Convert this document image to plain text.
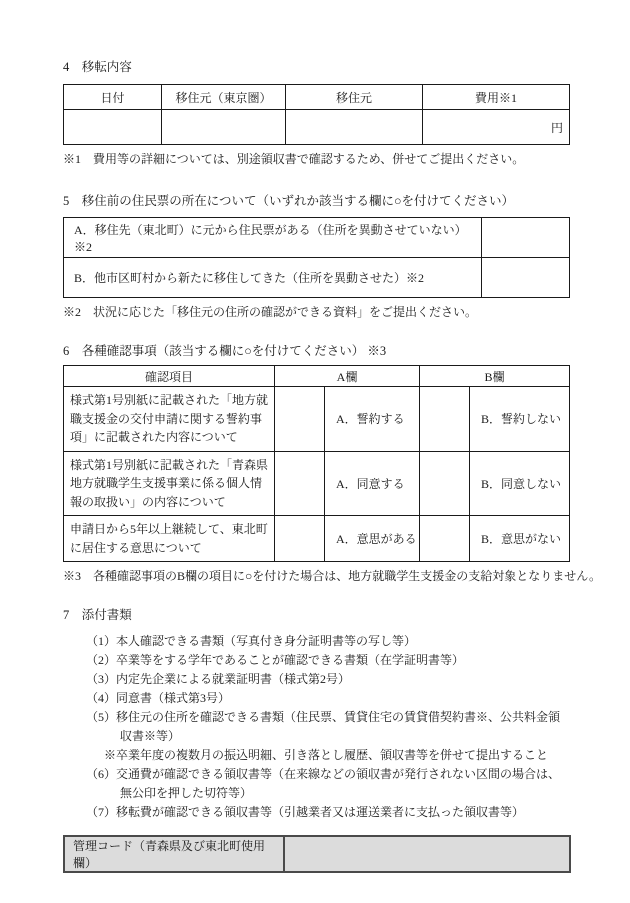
4　移転内容
日付	移住元（東京圏）	移住元	費用※1
			円
※1　費用等の詳細については、別途領収書で確認するため、併せてご提出ください。
5　移住前の住民票の所在について（いずれか該当する欄に○を付けてください）
A．移住先（東北町）に元から住民票がある（住所を異動させていない）※2	
B．他市区町村から新たに移住してきた（住所を異動させた）※2	
※2　状況に応じた「移住元の住所の確認ができる資料」をご提出ください。
6　各種確認事項（該当する欄に○を付けてください） ※3
確認項目	A欄		B欄	
様式第1号別紙に記載された「地方就職支援金の交付申請に関する誓約事項」に記載された内容について		A．誓約する		B．誓約しない
様式第1号別紙に記載された「青森県地方就職学生支援事業に係る個人情報の取扱い」の内容について		A．同意する		B．同意しない
申請日から5年以上継続して、東北町に居住する意思について		A．意思がある		B．意思がない
※3　各種確認事項のB欄の項目に○を付けた場合は、地方就職学生支援金の支給対象となりません。
7　添付書類
（1）本人確認できる書類（写真付き身分証明書等の写し等）
（2）卒業等をする学年であることが確認できる書類（在学証明書等）
（3）内定先企業による就業証明書（様式第2号）
（4）同意書（様式第3号）
（5）移住元の住所を確認できる書類（住民票、賃貸住宅の賃貸借契約書※、公共料金領収書※等）
※卒業年度の複数月の振込明細、引き落とし履歴、領収書等を併せて提出すること
（6）交通費が確認できる領収書等（在来線などの領収書が発行されない区間の場合は、無公印を押した切符等）
（7）移転費が確認できる領収書等（引越業者又は運送業者に支払った領収書等）
管理コード（青森県及び東北町使用欄）	
